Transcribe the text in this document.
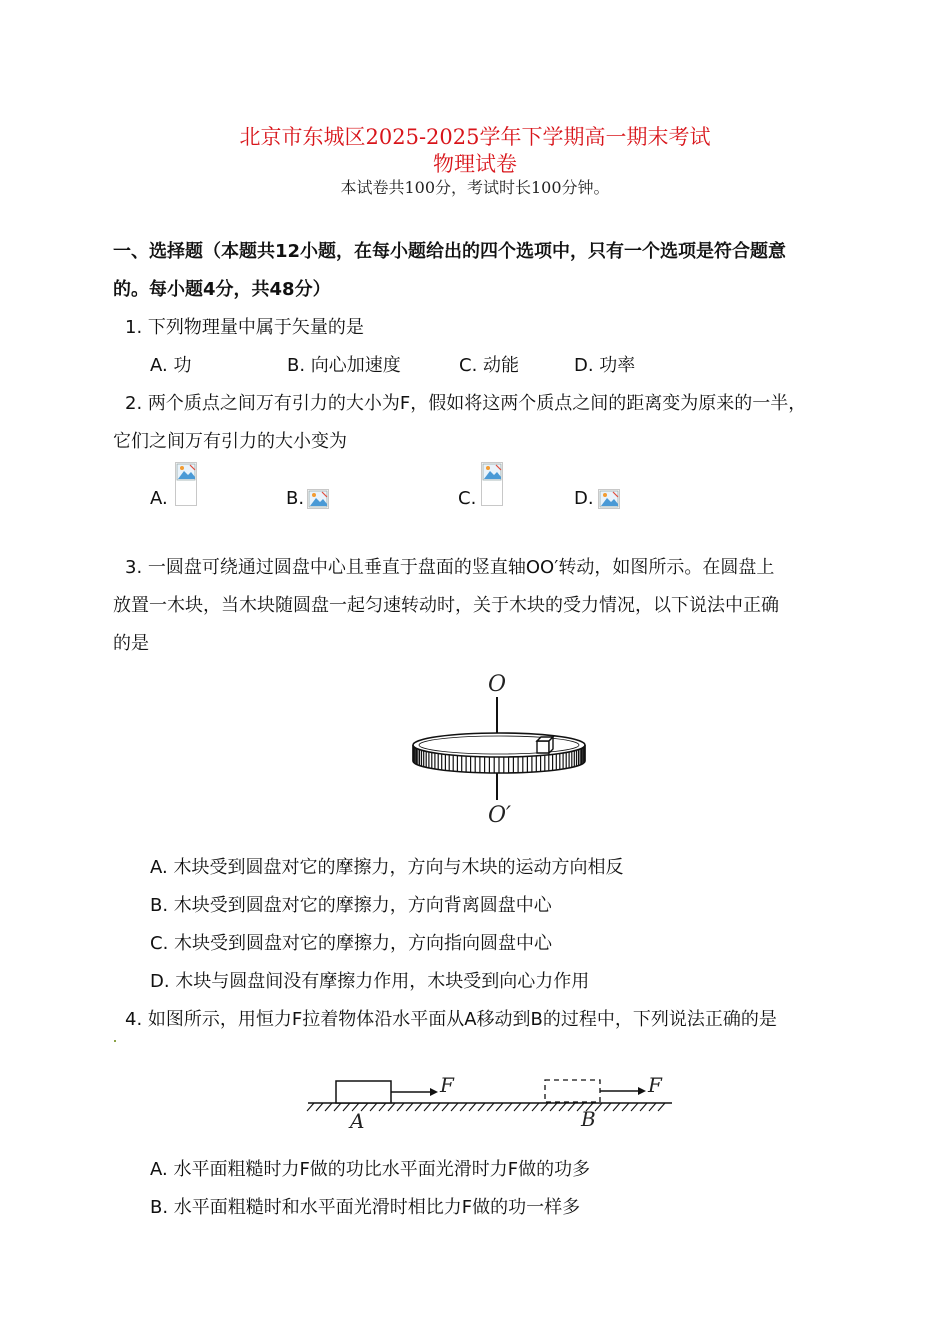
北京市东城区2025-2025学年下学期高一期末考试
物理试卷
本试卷共100分，考试时长100分钟。
一、选择题（本题共12小题，在每小题给出的四个选项中，只有一个选项是符合题意
的。每小题4分，共48分）
1. 下列物理量中属于矢量的是
A. 功	B. 向心加速度	C. 动能	D. 功率
2. 两个质点之间万有引力的大小为F，假如将这两个质点之间的距离变为原来的一半，
它们之间万有引力的大小变为
A.	B.	C.	D.
3. 一圆盘可绕通过圆盘中心且垂直于盘面的竖直轴OO′转动，如图所示。在圆盘上
放置一木块，当木块随圆盘一起匀速转动时，关于木块的受力情况，以下说法中正确
的是
O
O′
A. 木块受到圆盘对它的摩擦力，方向与木块的运动方向相反
B. 木块受到圆盘对它的摩擦力，方向背离圆盘中心
C. 木块受到圆盘对它的摩擦力，方向指向圆盘中心
D. 木块与圆盘间没有摩擦力作用，木块受到向心力作用
4. 如图所示，用恒力F拉着物体沿水平面从A移动到B的过程中，下列说法正确的是
F	F
A	B
A. 水平面粗糙时力F做的功比水平面光滑时力F做的功多
B. 水平面粗糙时和水平面光滑时相比力F做的功一样多
